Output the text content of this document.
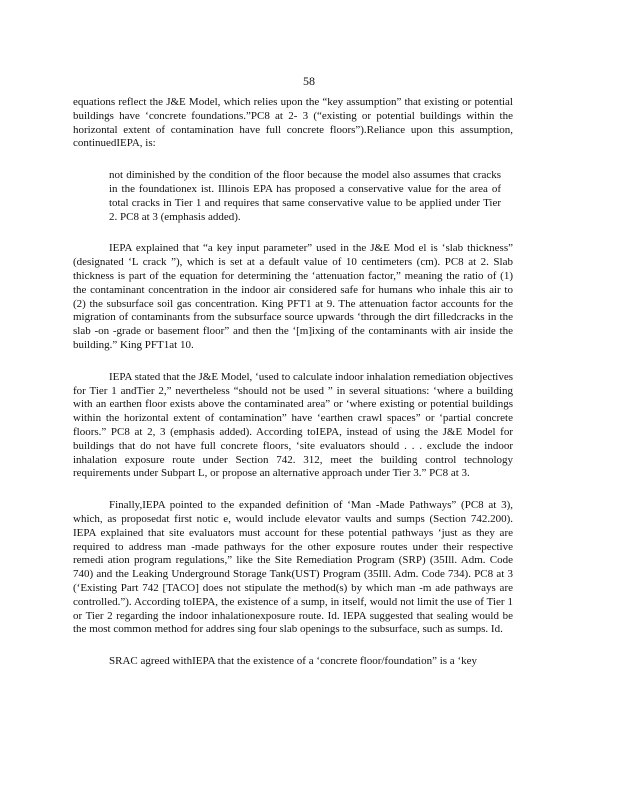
58

equations reflect the J&E Model, which relies upon the “key assumption” that existing or potential buildings have ‘concrete foundations.”PC8 at 2- 3 (“existing or potential buildings within the horizontal extent of contamination have full concrete floors”).Reliance upon this assumption, continuedIEPA, is:

not diminished by the condition of the floor because the model also assumes that cracks in the foundationex ist. Illinois EPA has proposed a conservative value for the area of total cracks in Tier 1 and requires that same conservative value to be applied under Tier 2. PC8 at 3 (emphasis added).

IEPA explained that “a key input parameter” used in the J&E Mod el is ‘slab thickness” (designated ‘L crack ”), which is set at a default value of 10 centimeters (cm). PC8 at 2. Slab thickness is part of the equation for determining the ‘attenuation factor,” meaning the ratio of (1) the contaminant concentration in the indoor air considered safe for humans who inhale this air to (2) the subsurface soil gas concentration. King PFT1 at 9. The attenuation factor accounts for the migration of contaminants from the subsurface source upwards ‘through the dirt filledcracks in the slab -on -grade or basement floor” and then the ‘[m]ixing of the contaminants with air inside the building.” King PFT1at 10.

IEPA stated that the J&E Model, ‘used to calculate indoor inhalation remediation objectives for Tier 1 andTier 2,” nevertheless “should not be used ” in several situations: ‘where a building with an earthen floor exists above the contaminated area” or ‘where existing or potential buildings within the horizontal extent of contamination” have ‘earthen crawl spaces” or ‘partial concrete floors.” PC8 at 2, 3 (emphasis added). According toIEPA, instead of using the J&E Model for buildings that do not have full concrete floors, ‘site evaluators should . . . exclude the indoor inhalation exposure route under Section 742. 312, meet the building control technology requirements under Subpart L, or propose an alternative approach under Tier 3.” PC8 at 3.

Finally,IEPA pointed to the expanded definition of ‘Man -Made Pathways” (PC8 at 3), which, as proposedat first notic e, would include elevator vaults and sumps (Section 742.200). IEPA explained that site evaluators must account for these potential pathways ‘just as they are required to address man -made pathways for the other exposure routes under their respective remedi ation program regulations,” like the Site Remediation Program (SRP) (35Ill. Adm. Code 740) and the Leaking Underground Storage Tank(UST) Program (35Ill. Adm. Code 734). PC8 at 3 (‘Existing Part 742 [TACO] does not stipulate the method(s) by which man -m ade pathways are controlled.”). According toIEPA, the existence of a sump, in itself, would not limit the use of Tier 1 or Tier 2 regarding the indoor inhalationexposure route. Id. IEPA suggested that sealing would be the most common method for addres sing four slab openings to the subsurface, such as sumps. Id.

SRAC agreed withIEPA that the existence of a ‘concrete floor/foundation” is a ‘key
